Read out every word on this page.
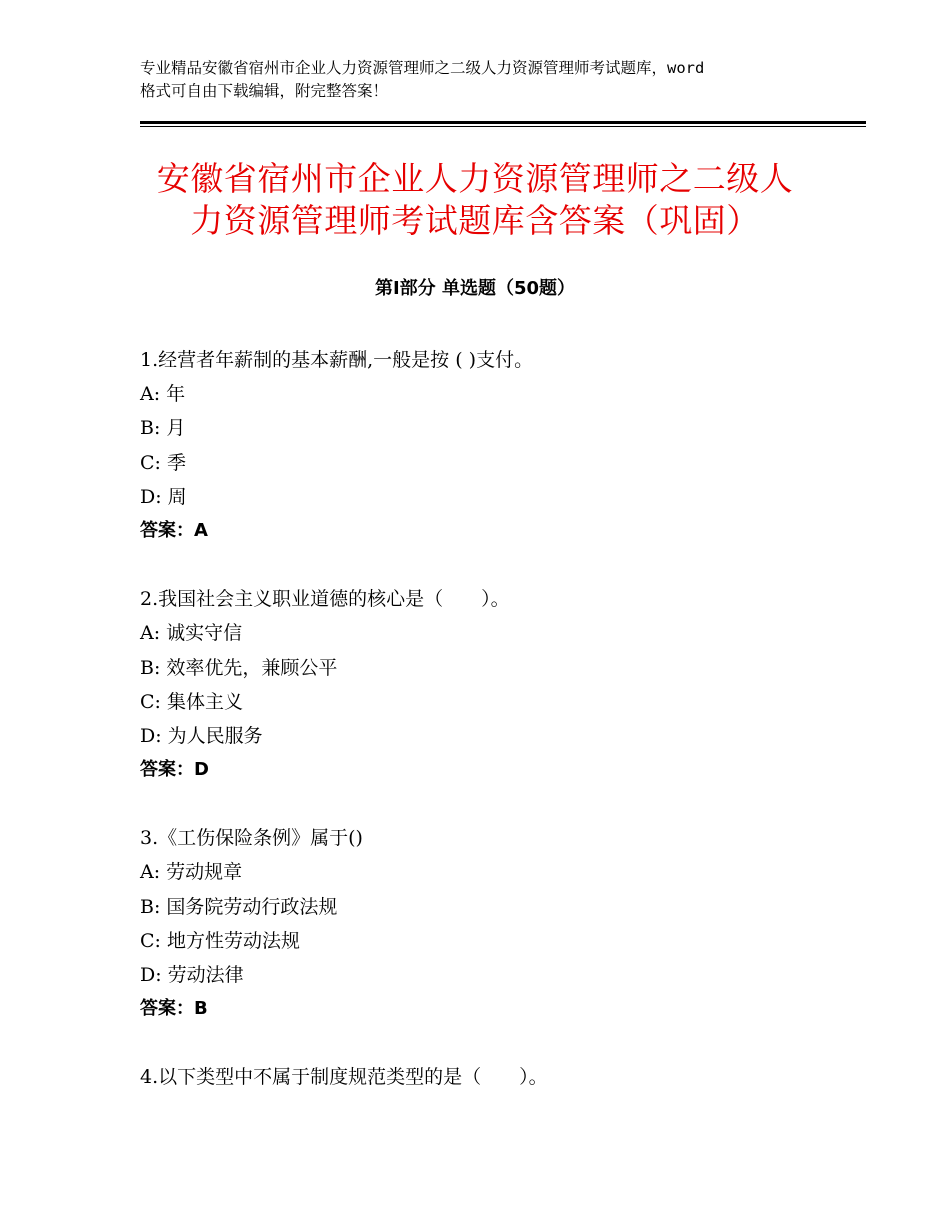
专业精品安徽省宿州市企业人力资源管理师之二级人力资源管理师考试题库，word
格式可自由下载编辑，附完整答案！
安徽省宿州市企业人力资源管理师之二级人
力资源管理师考试题库含答案（巩固）
第Ⅰ部分 单选题（50题）
1.经营者年薪制的基本薪酬,一般是按 ( )支付。
A: 年
B: 月
C: 季
D: 周
答案：A
2.我国社会主义职业道德的核心是（　　）。
A: 诚实守信
B: 效率优先，兼顾公平
C: 集体主义
D: 为人民服务
答案：D
3.《工伤保险条例》属于()
A: 劳动规章
B: 国务院劳动行政法规
C: 地方性劳动法规
D: 劳动法律
答案：B
4.以下类型中不属于制度规范类型的是（　　）。
